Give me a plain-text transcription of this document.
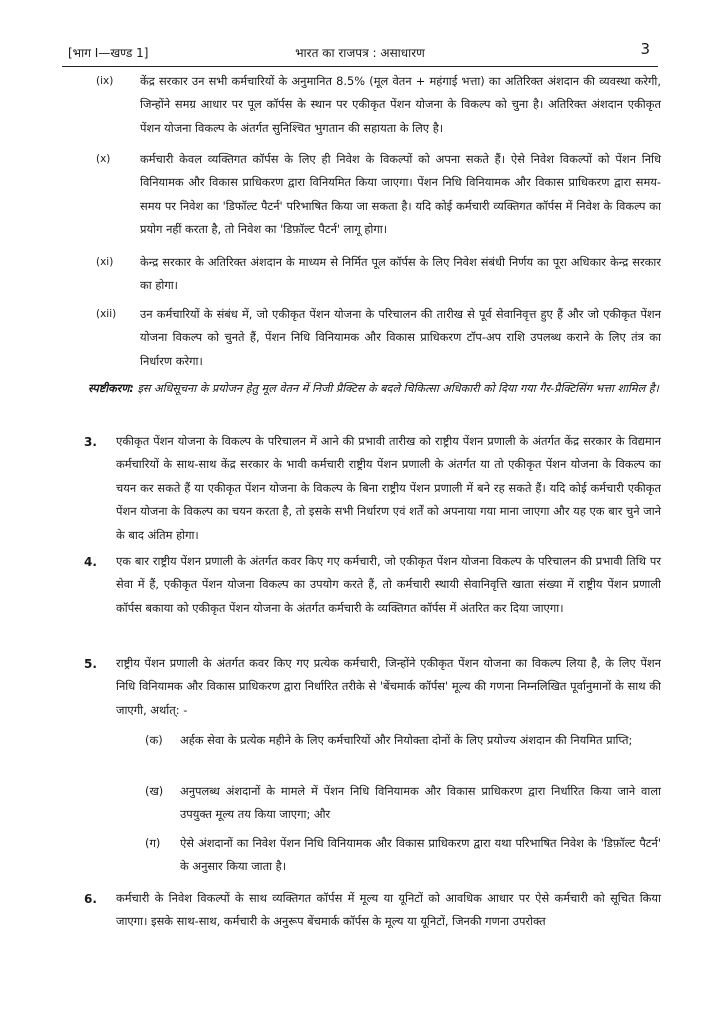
[भाग I—खण्ड 1]	भारत का राजपत्र : असाधारण	3
(ix) केंद्र सरकार उन सभी कर्मचारियों के अनुमानित 8.5% (मूल वेतन + महंगाई भत्ता) का अतिरिक्त अंशदान की व्यवस्था करेगी, जिन्होंने समग्र आधार पर पूल कॉर्पस के स्थान पर एकीकृत पेंशन योजना के विकल्प को चुना है। अतिरिक्त अंशदान एकीकृत पेंशन योजना विकल्प के अंतर्गत सुनिश्चित भुगतान की सहायता के लिए है।
(x)	कर्मचारी केवल व्यक्तिगत कॉर्पस के लिए ही निवेश के विकल्पों को अपना सकते हैं। ऐसे निवेश विकल्पों को पेंशन निधि विनियामक और विकास प्राधिकरण द्वारा विनियमित किया जाएगा। पेंशन निधि विनियामक और विकास प्राधिकरण द्वारा समय-समय पर निवेश का 'डिफॉल्ट पैटर्न' परिभाषित किया जा सकता है। यदि कोई कर्मचारी व्यक्तिगत कॉर्पस में निवेश के विकल्प का प्रयोग नहीं करता है, तो निवेश का 'डिफ़ॉल्ट पैटर्न' लागू होगा।
(xi) केन्द्र सरकार के अतिरिक्त अंशदान के माध्यम से निर्मित पूल कॉर्पस के लिए निवेश संबंधी निर्णय का पूरा अधिकार केन्द्र सरकार का होगा।
(xii) उन कर्मचारियों के संबंध में, जो एकीकृत पेंशन योजना के परिचालन की तारीख से पूर्व सेवानिवृत्त हुए हैं और जो एकीकृत पेंशन योजना विकल्प को चुनते हैं, पेंशन निधि विनियामक और विकास प्राधिकरण टॉप-अप राशि उपलब्ध कराने के लिए तंत्र का निर्धारण करेगा।
स्पष्टीकरण: इस अधिसूचना के प्रयोजन हेतु मूल वेतन में निजी प्रैक्टिस के बदले चिकित्सा अधिकारी को दिया गया गैर-प्रैक्टिसिंग भत्ता शामिल है।
3. एकीकृत पेंशन योजना के विकल्प के परिचालन में आने की प्रभावी तारीख को राष्ट्रीय पेंशन प्रणाली के अंतर्गत केंद्र सरकार के विद्यमान कर्मचारियों के साथ-साथ केंद्र सरकार के भावी कर्मचारी राष्ट्रीय पेंशन प्रणाली के अंतर्गत या तो एकीकृत पेंशन योजना के विकल्प का चयन कर सकते हैं या एकीकृत पेंशन योजना के विकल्प के बिना राष्ट्रीय पेंशन प्रणाली में बने रह सकते हैं। यदि कोई कर्मचारी एकीकृत पेंशन योजना के विकल्प का चयन करता है, तो इसके सभी निर्धारण एवं शर्तें को अपनाया गया माना जाएगा और यह एक बार चुने जाने के बाद अंतिम होगा।
4. एक बार राष्ट्रीय पेंशन प्रणाली के अंतर्गत कवर किए गए कर्मचारी, जो एकीकृत पेंशन योजना विकल्प के परिचालन की प्रभावी तिथि पर सेवा में हैं, एकीकृत पेंशन योजना विकल्प का उपयोग करते हैं, तो कर्मचारी स्थायी सेवानिवृत्ति खाता संख्या में राष्ट्रीय पेंशन प्रणाली कॉर्पस बकाया को एकीकृत पेंशन योजना के अंतर्गत कर्मचारी के व्यक्तिगत कॉर्पस में अंतरित कर दिया जाएगा।
5. राष्ट्रीय पेंशन प्रणाली के अंतर्गत कवर किए गए प्रत्येक कर्मचारी, जिन्होंने एकीकृत पेंशन योजना का विकल्प लिया है, के लिए पेंशन निधि विनियामक और विकास प्राधिकरण द्वारा निर्धारित तरीके से 'बेंचमार्क कॉर्पस' मूल्य की गणना निम्नलिखित पूर्वानुमानों के साथ की जाएगी, अर्थात्: -
(क) अर्हक सेवा के प्रत्येक महीने के लिए कर्मचारियों और नियोक्ता दोनों के लिए प्रयोज्य अंशदान की नियमित प्राप्ति;
(ख) अनुपलब्ध अंशदानों के मामले में पेंशन निधि विनियामक और विकास प्राधिकरण द्वारा निर्धारित किया जाने वाला उपयुक्त मूल्य तय किया जाएगा; और
(ग) ऐसे अंशदानों का निवेश पेंशन निधि विनियामक और विकास प्राधिकरण द्वारा यथा परिभाषित निवेश के 'डिफ़ॉल्ट पैटर्न' के अनुसार किया जाता है।
6. कर्मचारी के निवेश विकल्पों के साथ व्यक्तिगत कॉर्पस में मूल्य या यूनिटों को आवधिक आधार पर ऐसे कर्मचारी को सूचित किया जाएगा। इसके साथ-साथ, कर्मचारी के अनुरूप बेंचमार्क कॉर्पस के मूल्य या यूनिटों, जिनकी गणना उपरोक्त
